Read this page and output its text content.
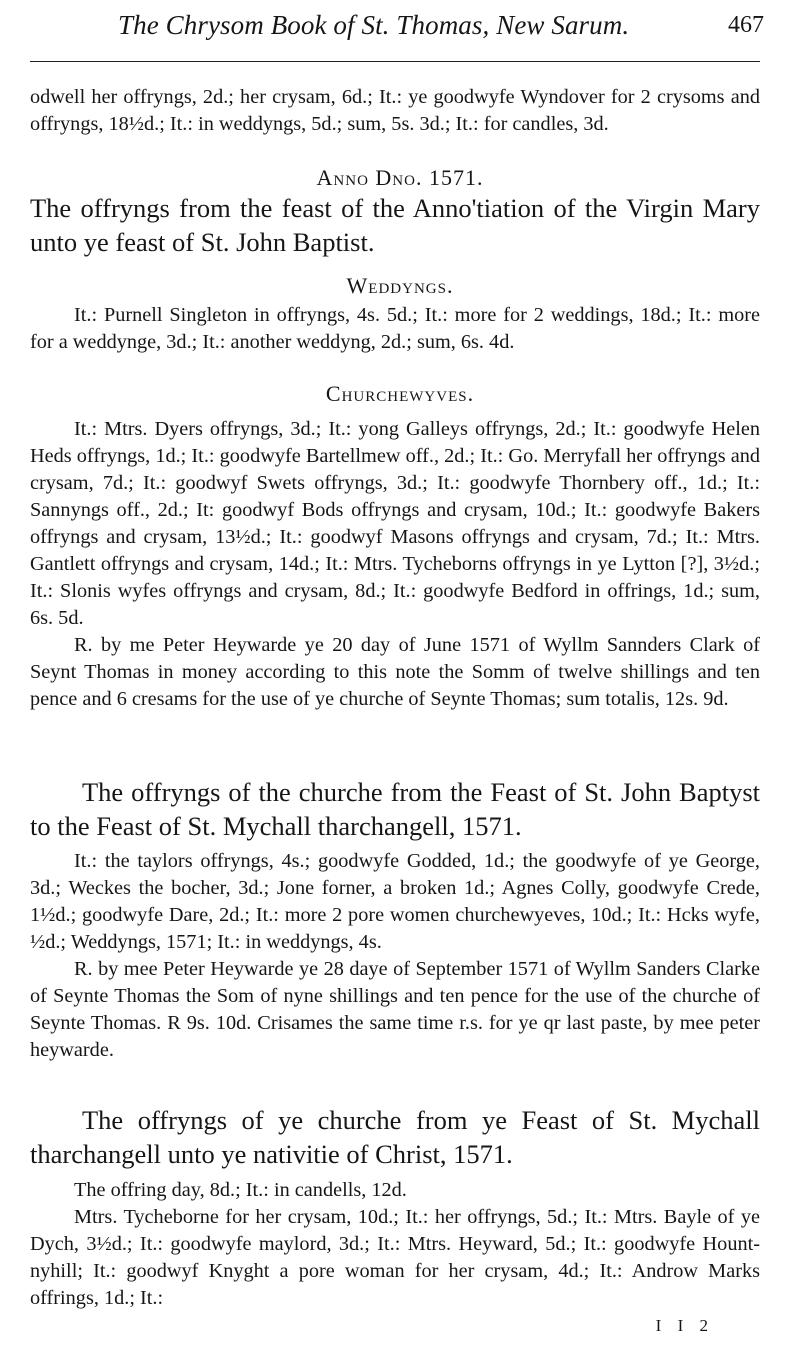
The Chrysom Book of St. Thomas, New Sarum.	467

odwell her offryngs, 2d.; her crysam, 6d.; It.: ye goodwyfe Wyndover for 2 crysoms and offryngs, 18½d.; It.: in weddyngs, 5d.; sum, 5s. 3d.; It.: for candles, 3d.

Anno Dno. 1571.
The offryngs from the feast of the Anno'tiation of the Virgin Mary unto ye feast of St. John Baptist.
Weddyngs.

It.: Purnell Singleton in offryngs, 4s. 5d.; It.: more for 2 weddings, 18d.; It.: more for a weddynge, 3d.; It.: another weddyng, 2d.; sum, 6s. 4d.

Churchewyves.

It.: Mtrs. Dyers offryngs, 3d.; It.: yong Galleys offryngs, 2d.; It.: goodwyfe Helen Heds offryngs, 1d.; It.: goodwyfe Bartellmew off., 2d.; It.: Go. Merryfall her offryngs and crysam, 7d.; It.: goodwyf Swets offryngs, 3d.; It.: goodwyfe Thornbery off., 1d.; It.: Sannyngs off., 2d.; It: goodwyf Bods offryngs and crysam, 10d.; It.: goodwyfe Bakers offryngs and crysam, 13½d.; It.: goodwyf Masons offryngs and crysam, 7d.; It.: Mtrs. Gantlett offryngs and crysam, 14d.; It.: Mtrs. Tycheborns offryngs in ye Lytton [?], 3½d.; It.: Slonis wyfes offryngs and crysam, 8d.; It.: goodwyfe Bedford in offrings, 1d.; sum, 6s. 5d.

R. by me Peter Heywarde ye 20 day of June 1571 of Wyllm Sannders Clark of Seynt Thomas in money according to this note the Somm of twelve shillings and ten pence and 6 cresams for the use of ye churche of Seynte Thomas; sum totalis, 12s. 9d.

The offryngs of the churche from the Feast of St. John Baptyst to the Feast of St. Mychall tharchangell, 1571.

It.: the taylors offryngs, 4s.; goodwyfe Godded, 1d.; the goodwyfe of ye George, 3d.; Weckes the bocher, 3d.; Jone forner, a broken 1d.; Agnes Colly, goodwyfe Crede, 1½d.; goodwyfe Dare, 2d.; It.: more 2 pore women churchewyeves, 10d.; It.: Hcks wyfe, ½d.; Weddyngs, 1571; It.: in weddyngs, 4s.

R. by mee Peter Heywarde ye 28 daye of September 1571 of Wyllm Sanders Clarke of Seynte Thomas the Som of nyne shillings and ten pence for the use of the churche of Seynte Thomas. R 9s. 10d. Crisames the same time r.s. for ye qr last paste, by mee peter heywarde.

The offryngs of ye churche from ye Feast of St. Mychall tharchangell unto ye nativitie of Christ, 1571.

The offring day, 8d.; It.: in candells, 12d.

Mtrs. Tycheborne for her crysam, 10d.; It.: her offryngs, 5d.; It.: Mtrs. Bayle of ye Dych, 3½d.; It.: goodwyfe maylord, 3d.; It.: Mtrs. Heyward, 5d.; It.: goodwyfe Hount-nyhill; It.: goodwyf Knyght a pore woman for her crysam, 4d.; It.: Androw Marks offrings, 1d.; It.:

I I 2
